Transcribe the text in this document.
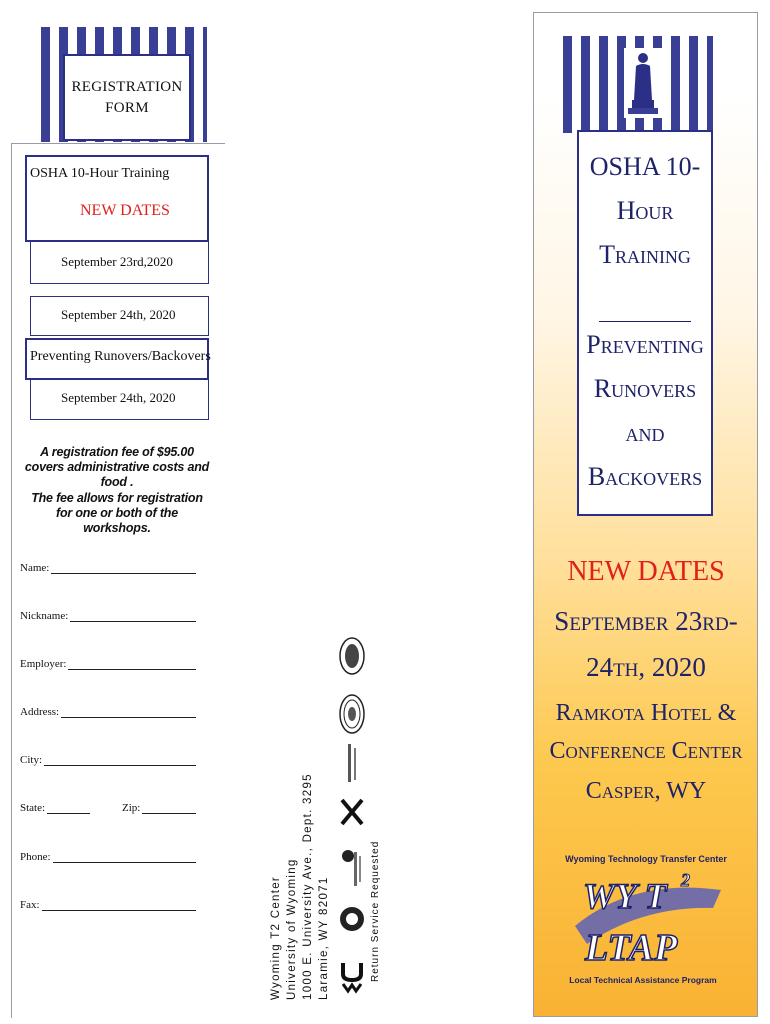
REGISTRATION
FORM
OSHA 10-Hour Training
NEW DATES
September 23rd,2020
September 24th, 2020
Preventing Runovers/Backovers
September 24th, 2020
A registration fee of $95.00 covers administrative costs and food .
The fee allows for registration for one or both of the workshops.
Name:
Nickname:
Employer:
Address:
City:
State:	Zip:
Phone:
Fax:	Wyoming T2 Center University of Wyoming 1000 E. University Ave., Dept. 3295 Laramie, WY 82071	Return Service Requested
OSHA 10-
Hour
Training
Preventing
Runovers
and
Backovers
NEW DATES
September 23rd-
24th, 2020
Ramkota Hotel &
Conference Center
Casper, WY
Wyoming Technology Transfer Center
WY T 2
LTAP
Local Technical Assistance Program
